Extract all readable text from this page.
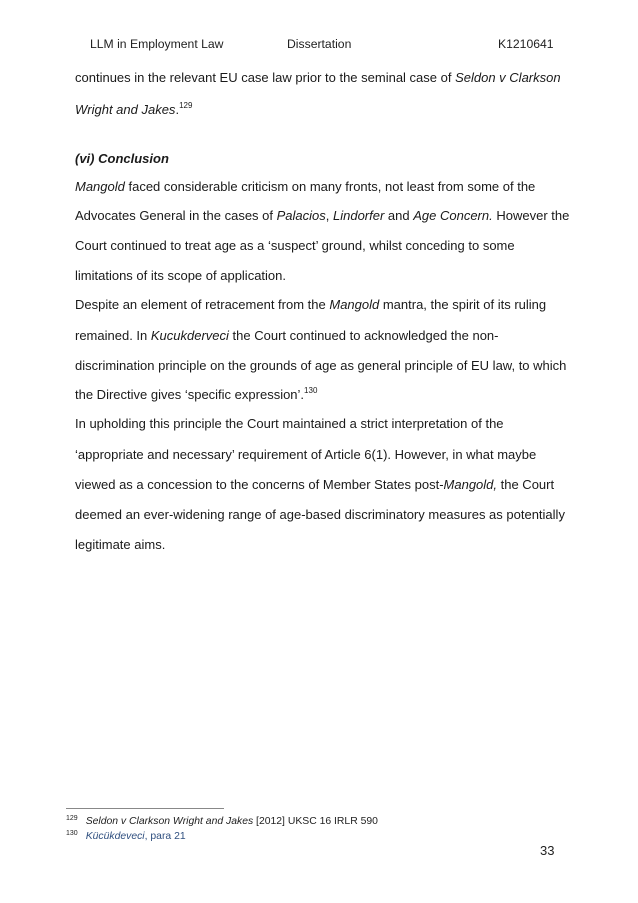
LLM in Employment Law	Dissertation	K1210641
continues in the relevant EU case law prior to the seminal case of Seldon v Clarkson
Wright and Jakes.$^{129}$
(vi) Conclusion
Mangold faced considerable criticism on many fronts, not least from some of the
Advocates General in the cases of Palacios, Lindorfer and Age Concern. However the
Court continued to treat age as a ‘suspect’ ground, whilst conceding to some
limitations of its scope of application.
Despite an element of retracement from the Mangold mantra, the spirit of its ruling
remained. In Kucukderveci the Court continued to acknowledged the non-
discrimination principle on the grounds of age as general principle of EU law, to which
the Directive gives ‘specific expression’.$^{130}$
In upholding this principle the Court maintained a strict interpretation of the
‘appropriate and necessary’ requirement of Article 6(1). However, in what maybe
viewed as a concession to the concerns of Member States post-Mangold, the Court
deemed an ever-widening range of age-based discriminatory measures as potentially
legitimate aims.
$^{129}$ Seldon v Clarkson Wright and Jakes [2012] UKSC 16 IRLR 590
$^{130}$ Kücükdeveci, para 21
33
